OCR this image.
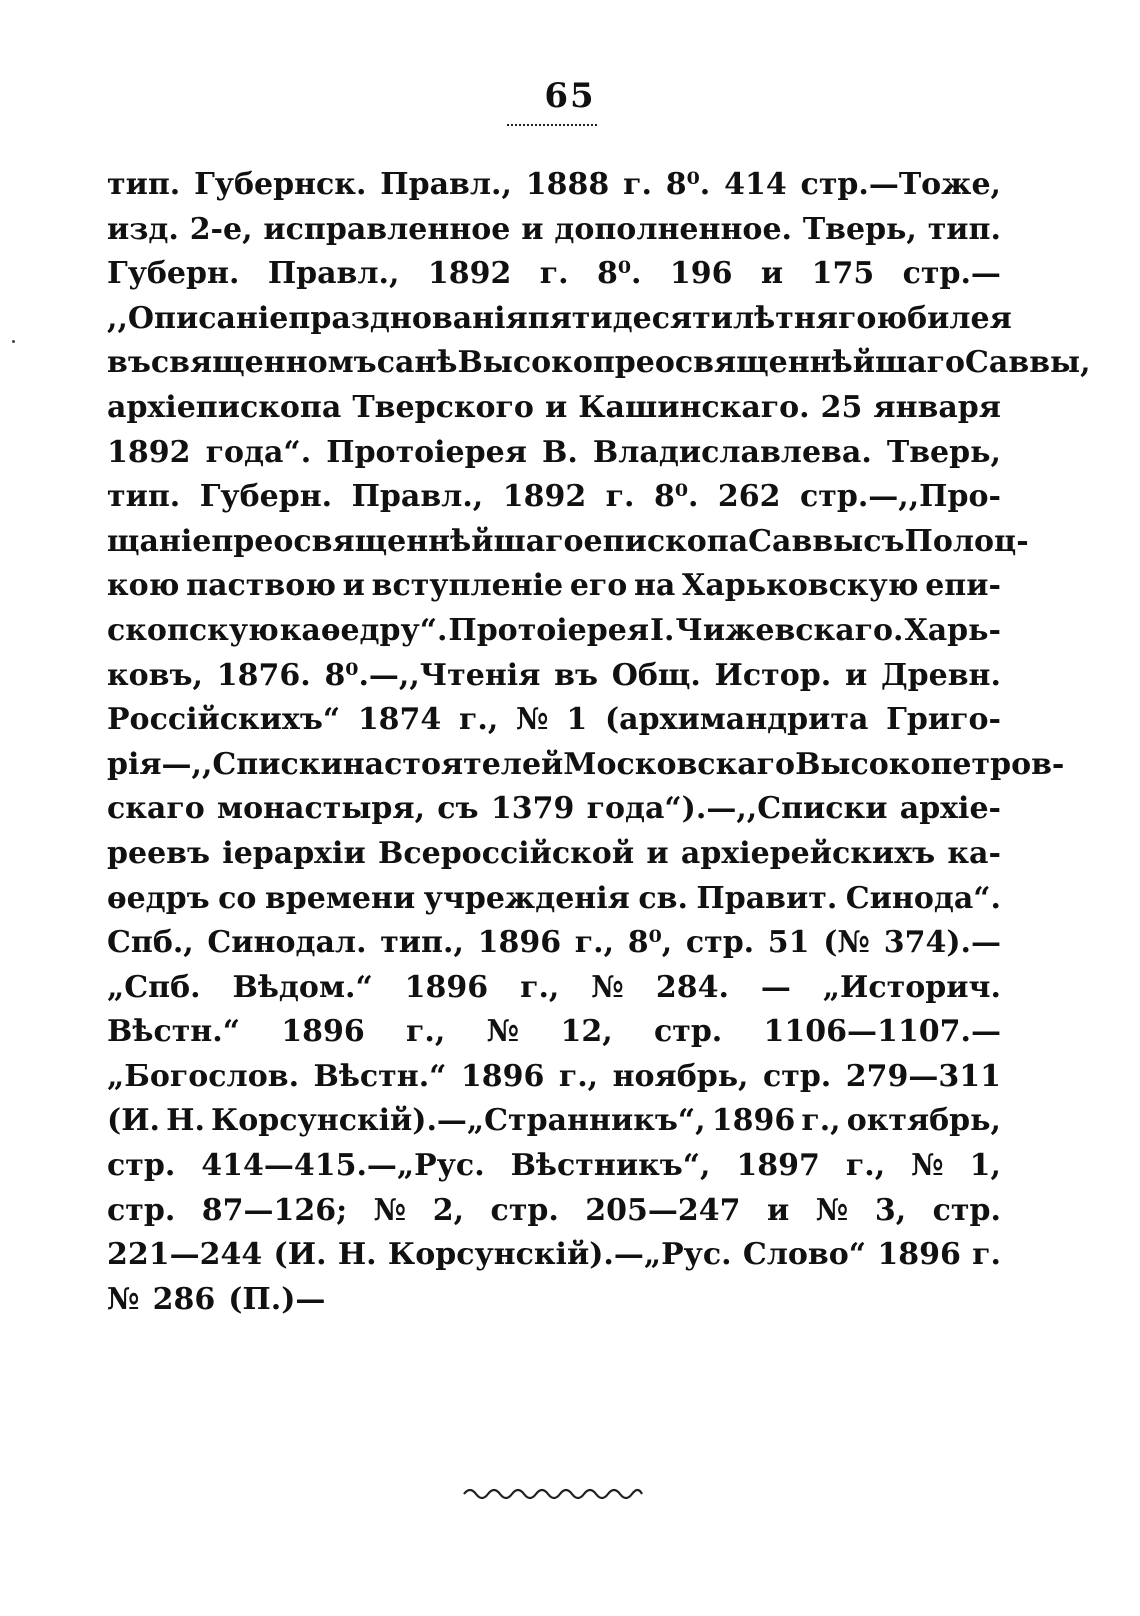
65
тип. Губернск. Правл., 1888 г. 8⁰. 414 стр.—Тоже,
изд. 2-е, исправленное и дополненное. Тверь, тип.
Губерн. Правл., 1892 г. 8⁰. 196 и 175 стр.—
,,Описаніе празднованія пятидесятилѣтняго юбилея
въ священномъ санѣ Высокопреосвященнѣйшаго Саввы,
архіепископа Тверского и Кашинскаго. 25 января
1892 года“. Протоіерея В. Владиславлева. Тверь,
тип. Губерн. Правл., 1892 г. 8⁰. 262 стр.—,,Про-
щаніе преосвященнѣйшаго епископа Саввы съ Полоц-
кою паствою и вступленіе его на Харьковскую епи-
скопскую каѳедру“. Протоіерея І. Чижевскаго. Харь-
ковъ, 1876. 8⁰.—,,Чтенія въ Общ. Истор. и Древн.
Россійскихъ“ 1874 г., № 1 (архимандрита Григо-
рія—,,Списки настоятелей Московскаго Высокопетров-
скаго монастыря, съ 1379 года“).—,,Списки архіе-
реевъ іерархіи Всероссійской и архіерейскихъ ка-
ѳедръ со времени учрежденія св. Правит. Синода“.
Спб., Синодал. тип., 1896 г., 8⁰, стр. 51 (№ 374).—
„Спб. Вѣдом.“ 1896 г., № 284. — „Историч.
Вѣстн.“ 1896 г., № 12, стр. 1106—1107.—
„Богослов. Вѣстн.“ 1896 г., ноябрь, стр. 279—311
(И. Н. Корсунскій).—„Странникъ“, 1896 г., октябрь,
стр. 414—415.—„Рус. Вѣстникъ“, 1897 г., № 1,
стр. 87—126; № 2, стр. 205—247 и № 3, стр.
221—244 (И. Н. Корсунскій).—„Рус. Слово“ 1896 г.
№ 286 (П.)—
